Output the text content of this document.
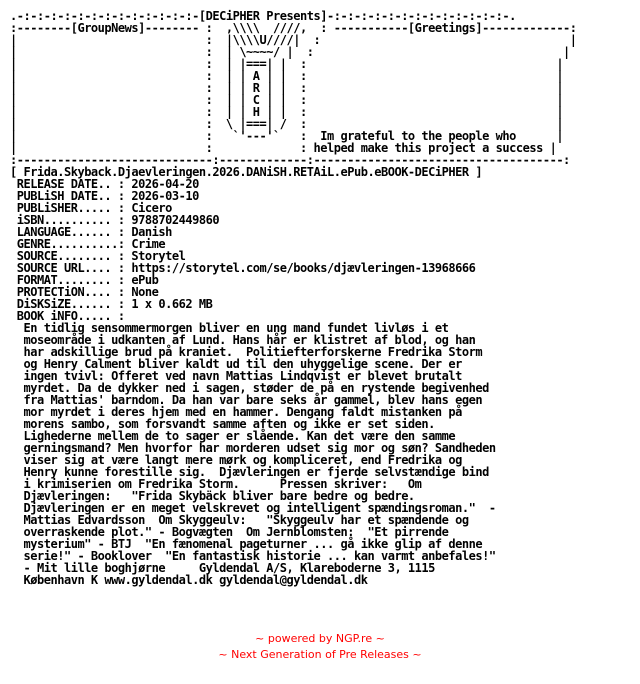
.-:-:-:-:-:-:-:-:-:-:-:-:-:-[DECiPHER Presents]-:-:-:-:-:-:-:-:-:-:-:-:-:-.
:--------[GroupNews]-------- :  ,\\\\  ////,  : -----------[Greetings]-------------:
|                            :  |\\\\U////|  :                                     |
|                            :  | \~~~~/ |  :                                     |
|                            :  | |===| |  :                                     |
|                            :  | | A | |  :                                     |
|                            :  | | R | |  :                                     |
|                            :  | | C | |  :                                     |
|                            :  | | H | |  :                                     |
|                            :  \ |===| /  :                                     |
|                            :   `'---'`   :  Im grateful to the people who      |
|                            :             : helped make this project a success |
:-----------------------------:-------------:-------------------------------------:
[ Frida.Skyback.Djaevleringen.2026.DANiSH.RETAiL.ePub.eBOOK-DECiPHER ]
RELEASE DATE.. : 2026-04-20
PUBLiSH DATE.. : 2026-03-10
PUBLiSHER..... : Cicero
iSBN.......... : 9788702449860
LANGUAGE...... : Danish
GENRE..........: Crime
SOURCE........ : Storytel
SOURCE URL.... : https://storytel.com/se/books/djævleringen-13968666
FORMAT........ : ePub
PROTECTiON.... : None
DiSKSiZE...... : 1 x 0.662 MB
BOOK iNFO..... :
En tidlig sensommermorgen bliver en ung mand fundet livløs i et
moseområde i udkanten af Lund. Hans hår er klistret af blod, og han
har adskillige brud på kraniet.  Politiefterforskerne Fredrika Storm
og Henry Calment bliver kaldt ud til den uhyggelige scene. Der er
ingen tvivl: Offeret ved navn Mattias Lindqvist er blevet brutalt
myrdet. Da de dykker ned i sagen, støder de på en rystende begivenhed
fra Mattias' barndom. Da han var bare seks år gammel, blev hans egen
mor myrdet i deres hjem med en hammer. Dengang faldt mistanken på
morens sambo, som forsvandt samme aften og ikke er set siden.
Lighederne mellem de to sager er slående. Kan det være den samme
gerningsmand? Men hvorfor har morderen udset sig mor og søn? Sandheden
viser sig at være langt mere mørk og kompliceret, end Fredrika og
Henry kunne forestille sig.  Djævleringen er fjerde selvstændige bind
i krimiserien om Fredrika Storm.      Pressen skriver:   Om
Djævleringen:   "Frida Skybäck bliver bare bedre og bedre.
Djævleringen er en meget velskrevet og intelligent spændingsroman."  -
Mattias Edvardsson  Om Skyggeulv:   "Skyggeulv har et spændende og
overraskende plot." - Bogvægten  Om Jernblomsten:  "Et pirrende
mysterium" - BTJ  "En fænomenal pageturner ... gå ikke glip af denne
serie!" - Booklover  "En fantastisk historie ... kan varmt anbefales!"
- Mit lille boghjørne     Gyldendal A/S, Klareboderne 3, 1115
København K www.gyldendal.dk gyldendal@gyldendal.dk
~ powered by NGP.re ~
~ Next Generation of Pre Releases ~
